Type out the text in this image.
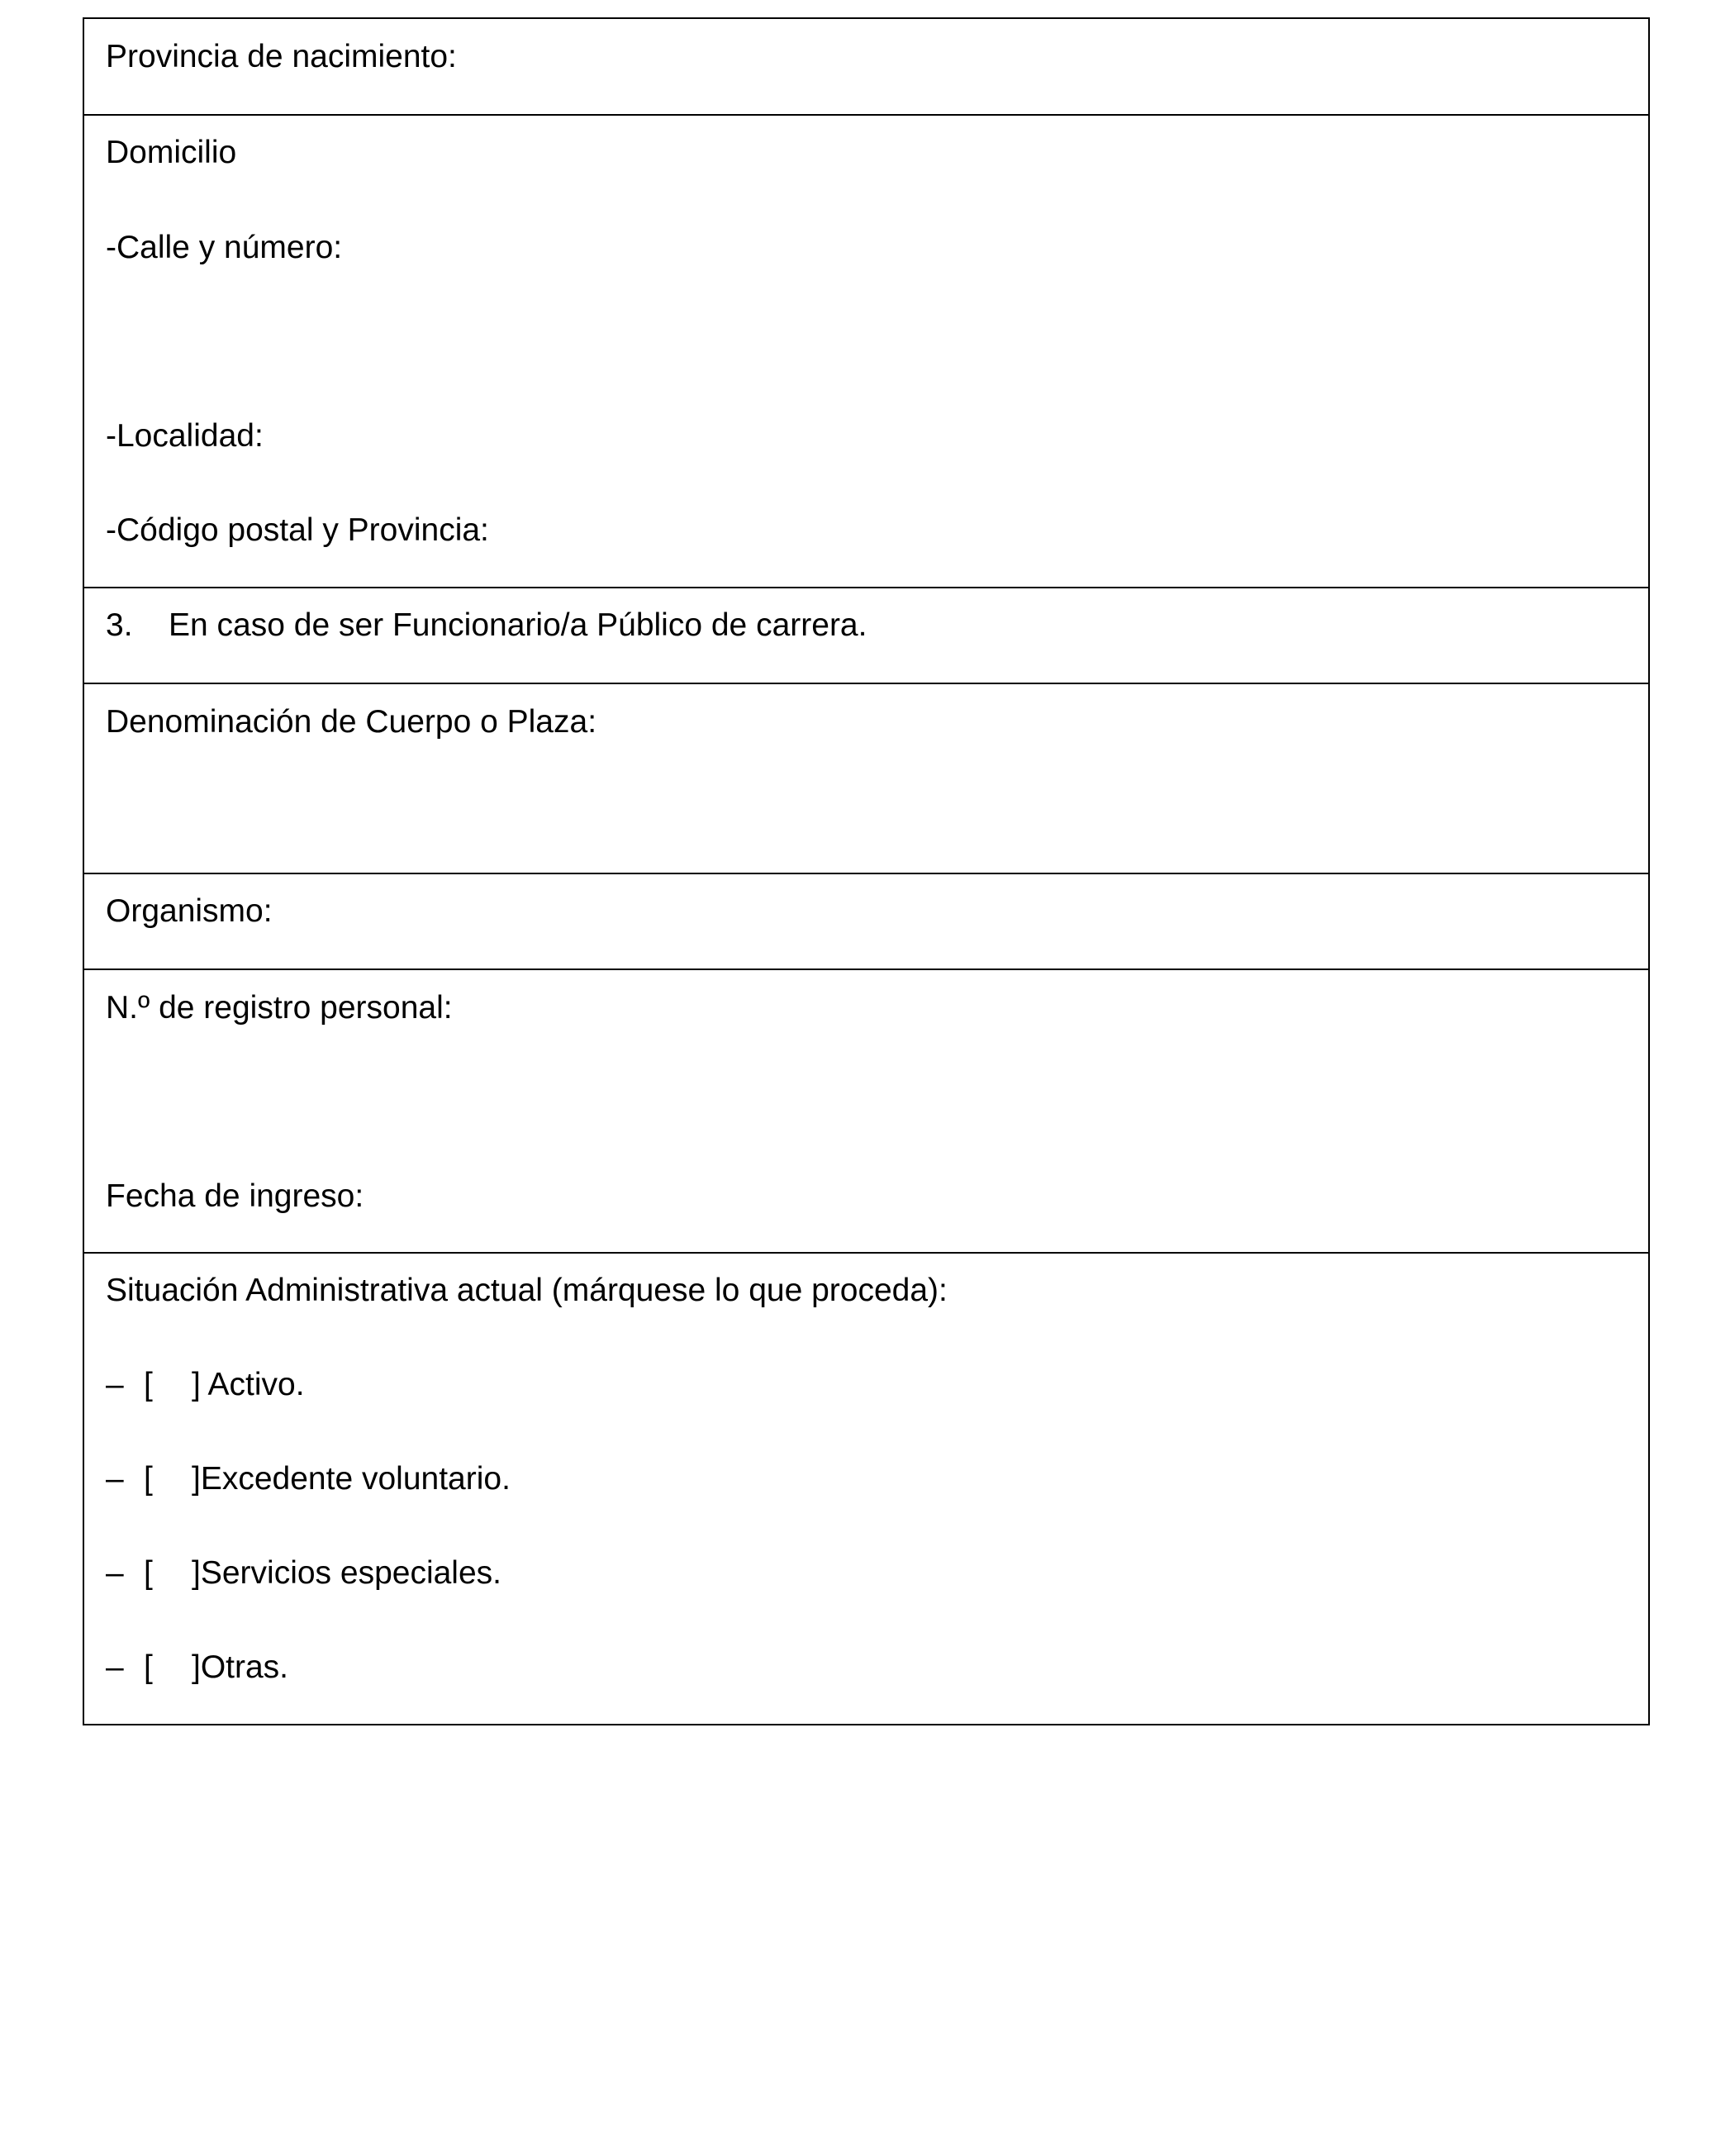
Provincia de nacimiento:
Domicilio
-Calle y número:
-Localidad:
-Código postal y Provincia:
3. En caso de ser Funcionario/a Público de carrera.
Denominación de Cuerpo o Plaza:
Organismo:
N.º de registro personal:
Fecha de ingreso:
Situación Administrativa actual (márquese lo que proceda):
– [ ] Activo.
– [ ]Excedente voluntario.
– [ ]Servicios especiales.
– [ ]Otras.
